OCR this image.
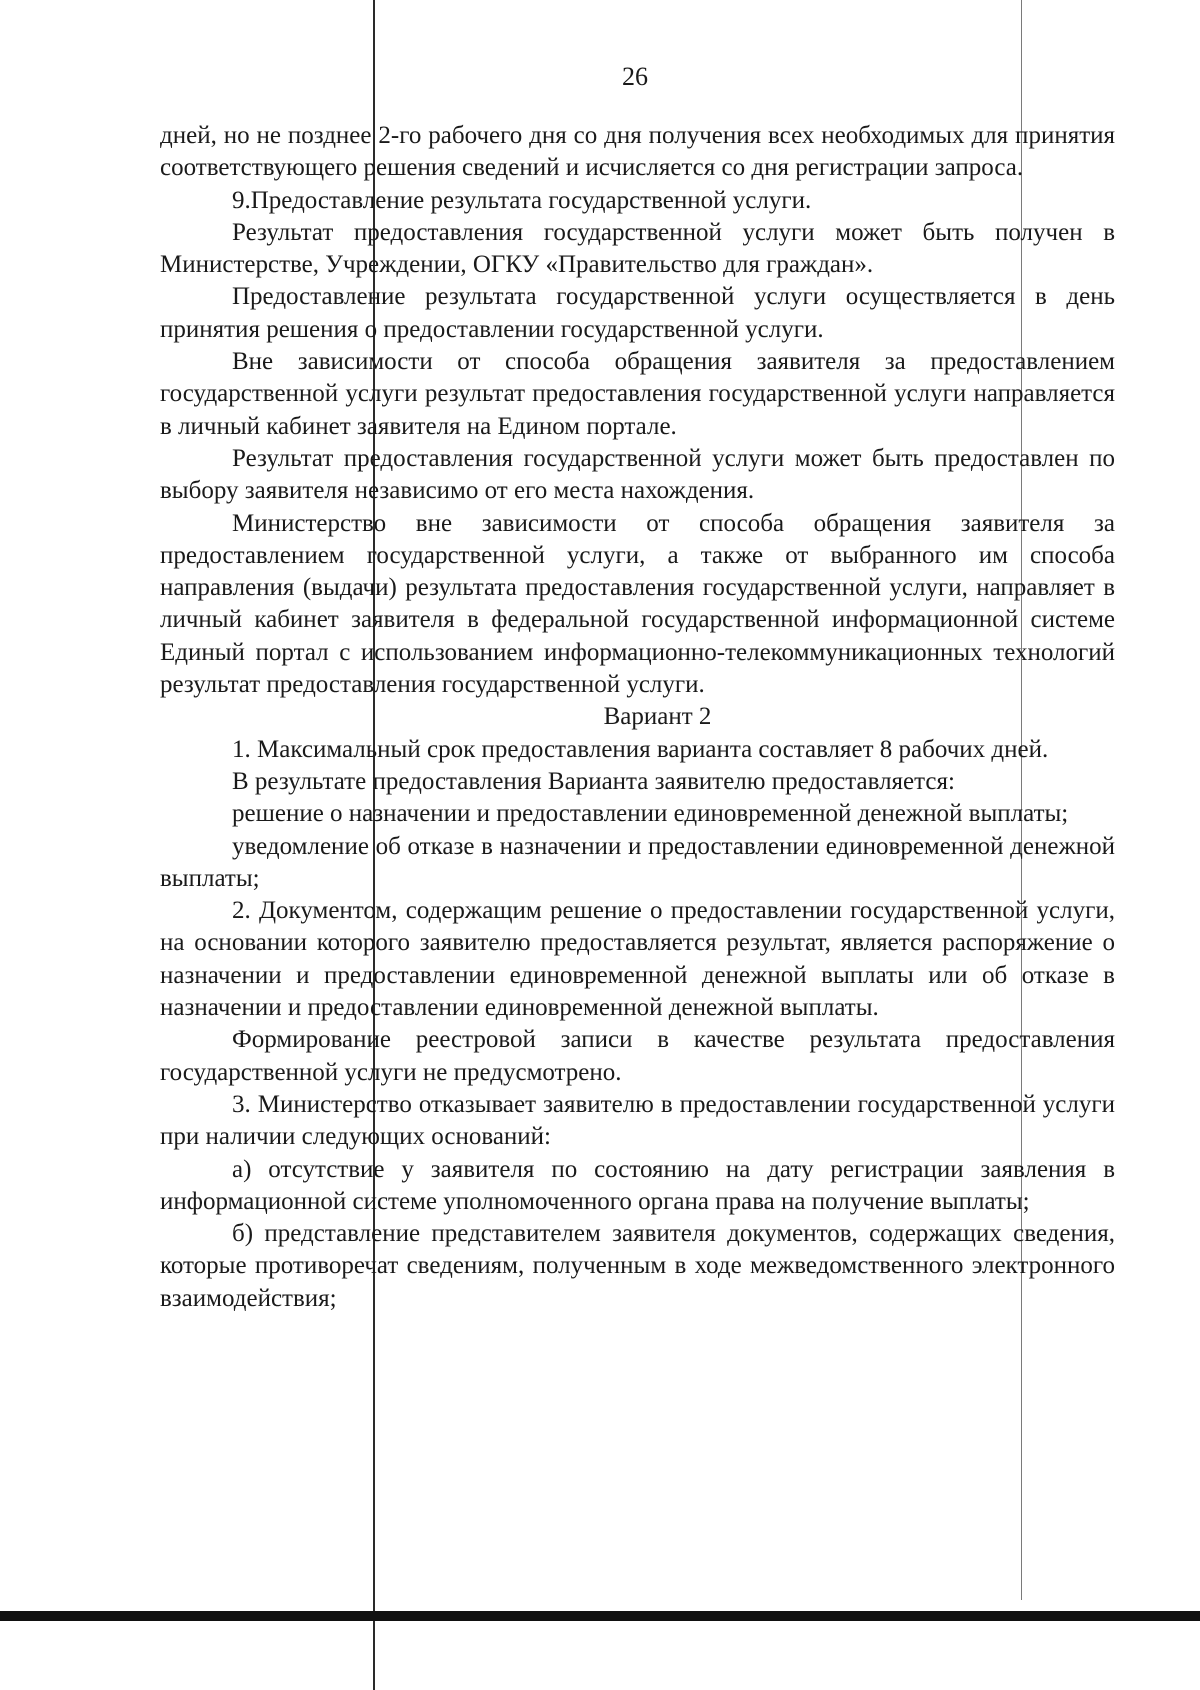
26

дней, но не позднее 2-го рабочего дня со дня получения всех необходимых для принятия соответствующего решения сведений и исчисляется со дня регистрации запроса.

9.Предоставление результата государственной услуги.

Результат предоставления государственной услуги может быть получен в Министерстве, Учреждении, ОГКУ «Правительство для граждан».

Предоставление результата государственной услуги осуществляется в день принятия решения о предоставлении государственной услуги.

Вне зависимости от способа обращения заявителя за предоставлением государственной услуги результат предоставления государственной услуги направляется в личный кабинет заявителя на Едином портале.

Результат предоставления государственной услуги может быть предоставлен по выбору заявителя независимо от его места нахождения.

Министерство вне зависимости от способа обращения заявителя за предоставлением государственной услуги, а также от выбранного им способа направления (выдачи) результата предоставления государственной услуги, направляет в личный кабинет заявителя в федеральной государственной информационной системе Единый портал с использованием информационно-телекоммуникационных технологий результат предоставления государственной услуги.

Вариант 2

1. Максимальный срок предоставления варианта составляет 8 рабочих дней.

В результате предоставления Варианта заявителю предоставляется:

решение о назначении и предоставлении единовременной денежной выплаты;

уведомление об отказе в назначении и предоставлении единовременной денежной выплаты;

2. Документом, содержащим решение о предоставлении государственной услуги, на основании которого заявителю предоставляется результат, является распоряжение о назначении и предоставлении единовременной денежной выплаты или об отказе в назначении и предоставлении единовременной денежной выплаты.

Формирование реестровой записи в качестве результата предоставления государственной услуги не предусмотрено.

3. Министерство отказывает заявителю в предоставлении государственной услуги при наличии следующих оснований:

а) отсутствие у заявителя по состоянию на дату регистрации заявления в информационной системе уполномоченного органа права на получение выплаты;

б) представление представителем заявителя документов, содержащих сведения, которые противоречат сведениям, полученным в ходе межведомственного электронного взаимодействия;
